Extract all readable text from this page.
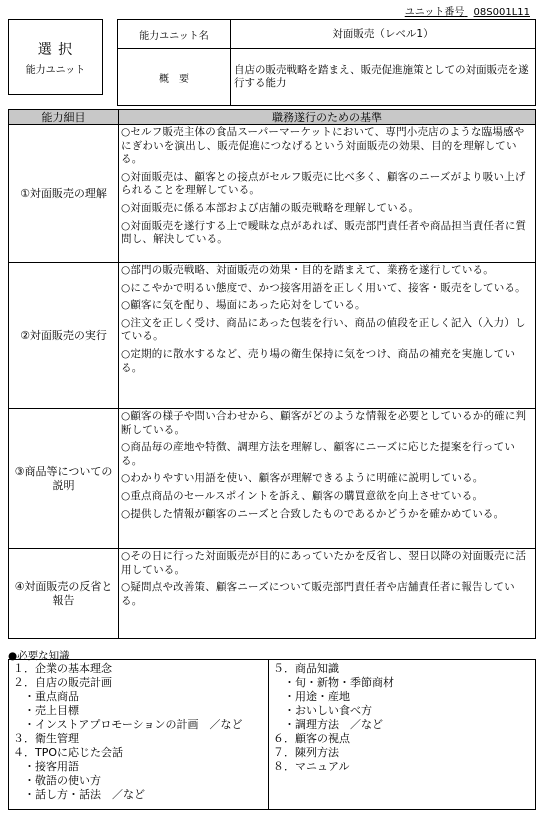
ユニット番号 08S001L11
選 択
能力ユニット
能力ユニット名	対面販売（レベル1）
概　要	自店の販売戦略を踏まえ、販売促進施策としての対面販売を遂行する能力
能力細目	職務遂行のための基準
①対面販売の理解	○セルフ販売主体の食品スーパーマーケットにおいて、専門小売店のような臨場感やにぎわいを演出し、販売促進につなげるという対面販売の効果、目的を理解している。
○対面販売は、顧客との接点がセルフ販売に比べ多く、顧客のニーズがより吸い上げられることを理解している。
○対面販売に係る本部および店舗の販売戦略を理解している。
○対面販売を遂行する上で曖昧な点があれば、販売部門責任者や商品担当責任者に質問し、解決している。

②対面販売の実行	○部門の販売戦略、対面販売の効果・目的を踏まえて、業務を遂行している。
○にこやかで明るい態度で、かつ接客用語を正しく用いて、接客・販売をしている。
○顧客に気を配り、場面にあった応対をしている。
○注文を正しく受け、商品にあった包装を行い、商品の値段を正しく記入（入力）している。
○定期的に散水するなど、売り場の衛生保持に気をつけ、商品の補充を実施している。

③商品等についての説明	○顧客の様子や問い合わせから、顧客がどのような情報を必要としているか的確に判断している。
○商品毎の産地や特徴、調理方法を理解し、顧客にニーズに応じた提案を行っている。
○わかりやすい用語を使い、顧客が理解できるように明確に説明している。
○重点商品のセールスポイントを訴え、顧客の購買意欲を向上させている。
○提供した情報が顧客のニーズと合致したものであるかどうかを確かめている。

④対面販売の反省と報告	○その日に行った対面販売が目的にあっていたかを反省し、翌日以降の対面販売に活用している。
○疑問点や改善策、顧客ニーズについて販売部門責任者や店舗責任者に報告している。
●必要な知識
１．企業の基本理念
２．自店の販売計画
　・重点商品
　・売上目標
　・インストアプロモーションの計画　／など
３．衛生管理
４．TPOに応じた会話
　・接客用語
　・敬語の使い方
　・話し方・話法　／など
５．商品知識
　・旬・新物・季節商材
　・用途・産地
　・おいしい食べ方
　・調理方法　／など
６．顧客の視点
７．陳列方法
８．マニュアル
